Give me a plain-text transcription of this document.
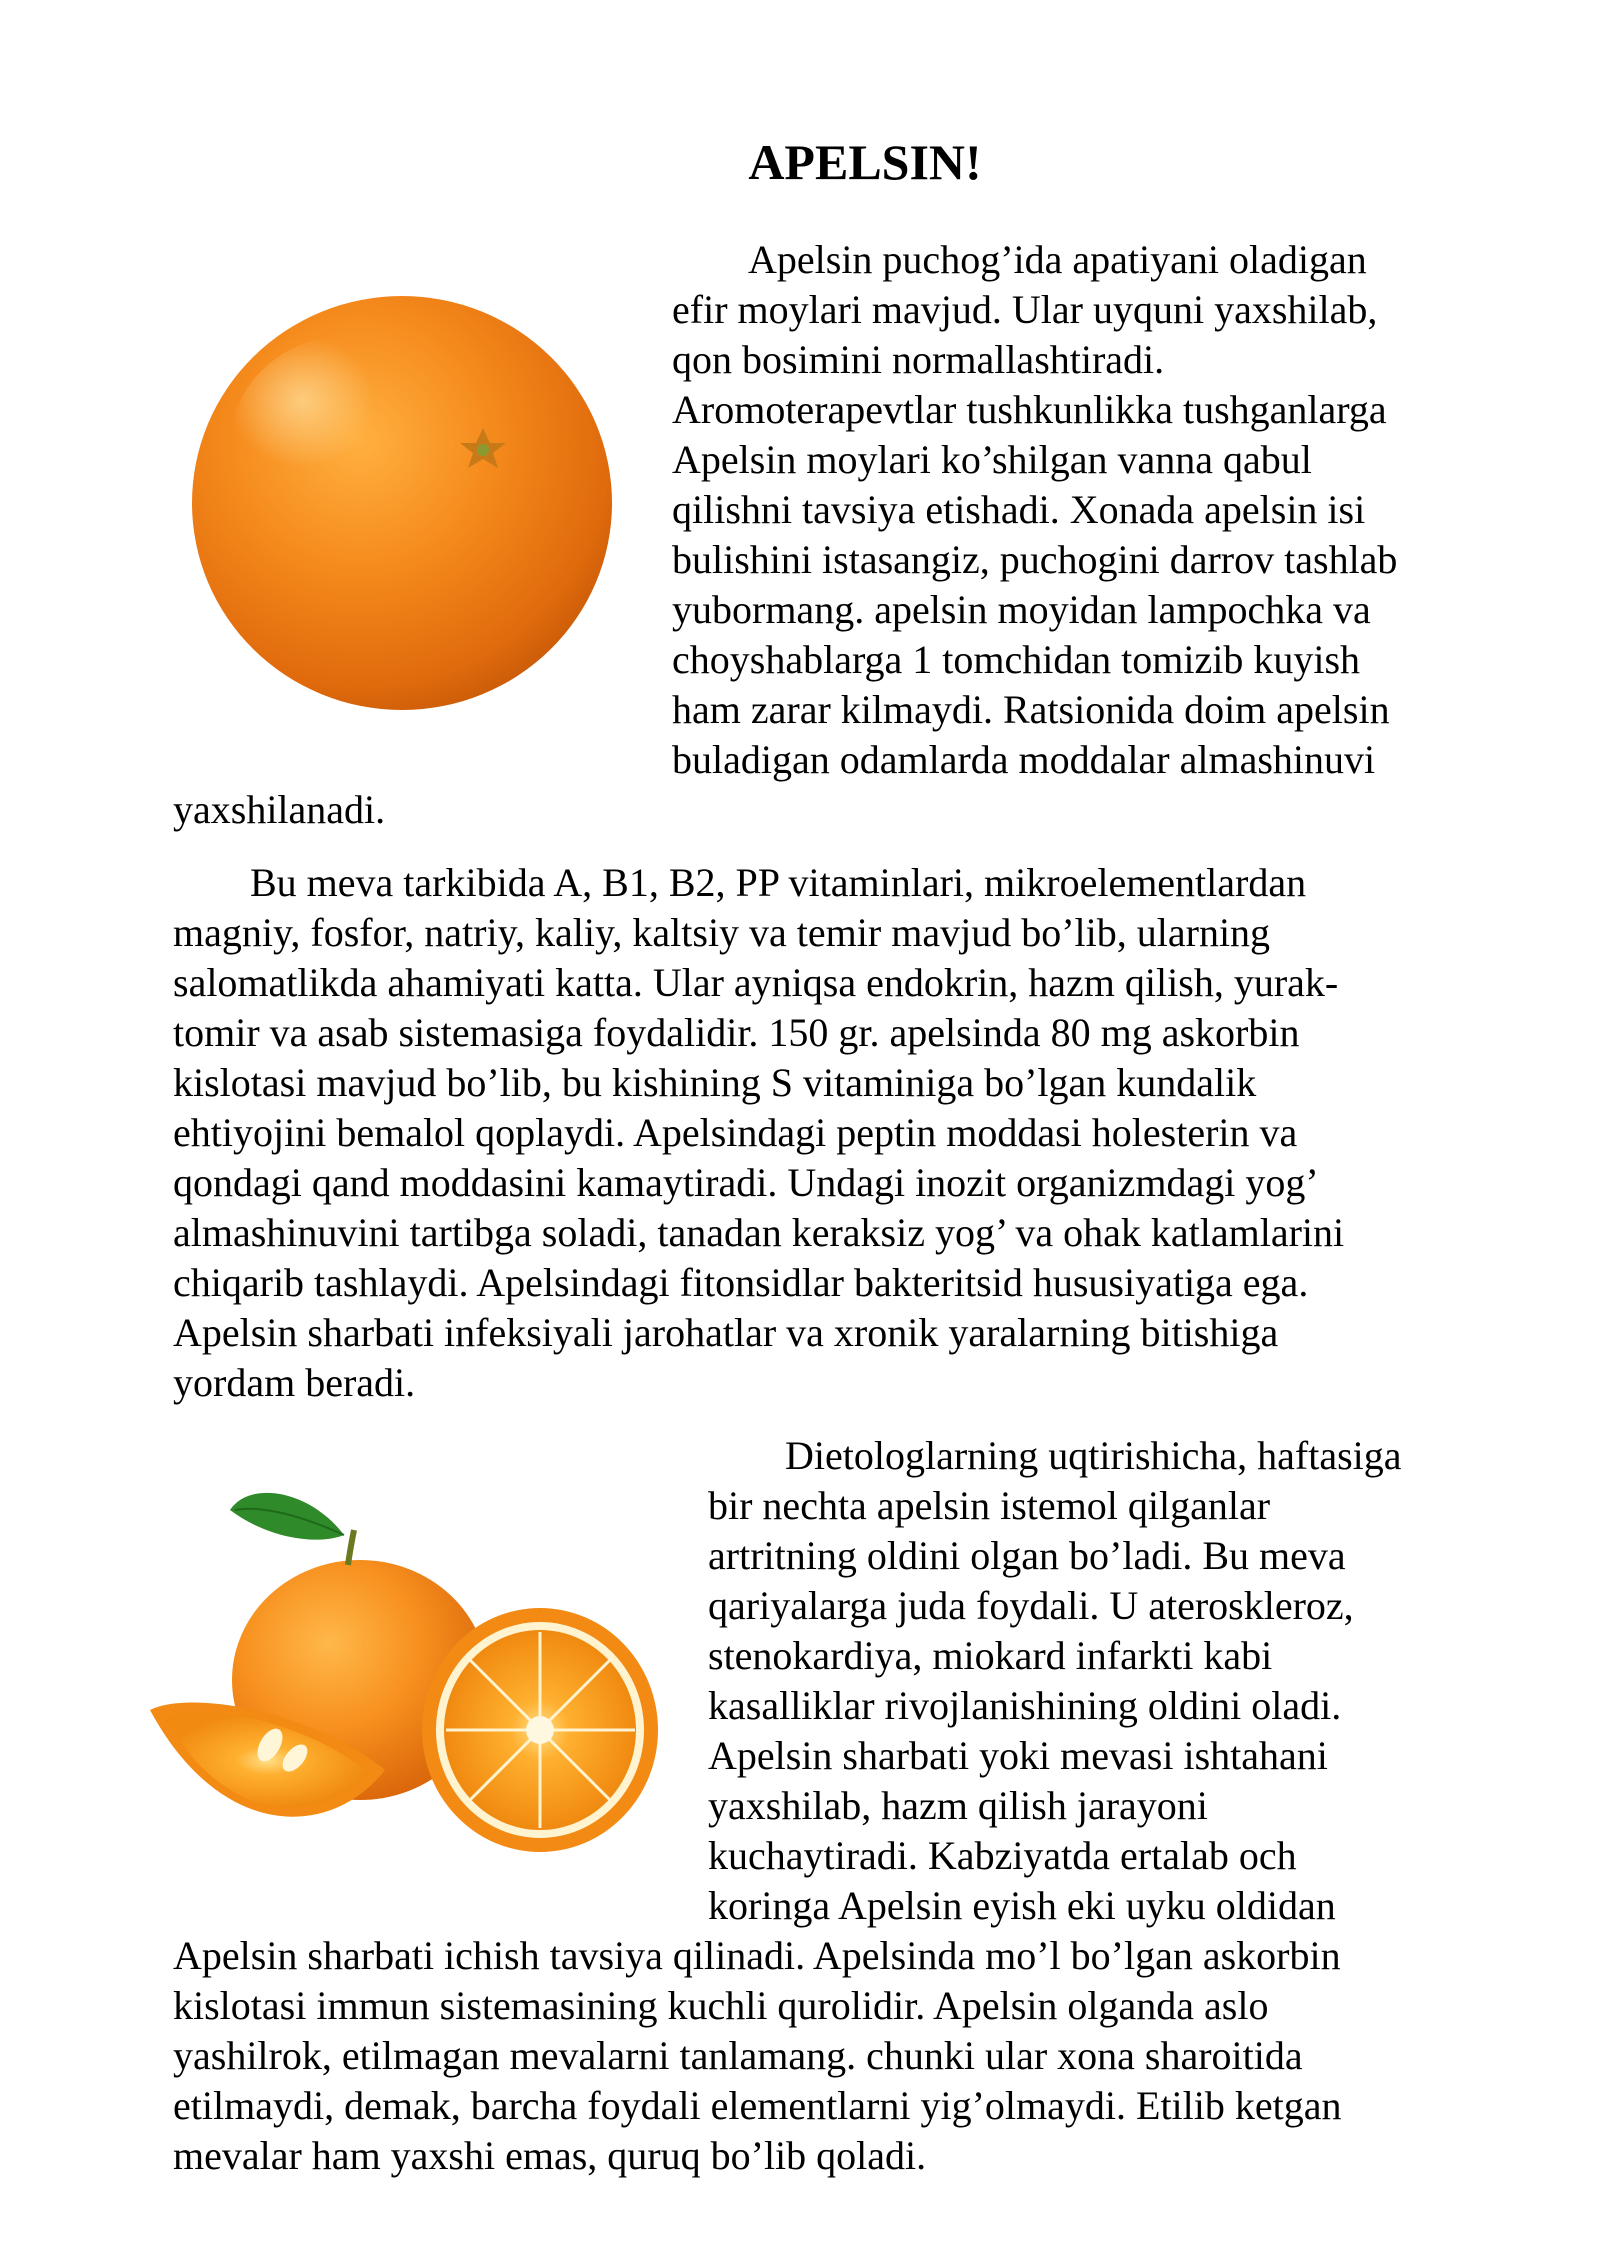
APELSIN!
Apelsin puchog’ida apatiyani oladigan
efir moylari mavjud. Ular uyquni yaxshilab,
qon bosimini normallashtiradi.
Aromoterapevtlar tushkunlikka tushganlarga
Apelsin moylari ko’shilgan vanna qabul
qilishni tavsiya etishadi. Xonada apelsin isi
bulishini istasangiz, puchogini darrov tashlab
yubormang. apelsin moyidan lampochka va
choyshablarga 1 tomchidan tomizib kuyish
ham zarar kilmaydi. Ratsionida doim apelsin
buladigan odamlarda moddalar almashinuvi
yaxshilanadi.
Bu meva tarkibida A, B1, B2, PP vitaminlari, mikroelementlardan
magniy, fosfor, natriy, kaliy, kaltsiy va temir mavjud bo’lib, ularning
salomatlikda ahamiyati katta. Ular ayniqsa endokrin, hazm qilish, yurak-
tomir va asab sistemasiga foydalidir. 150 gr. apelsinda 80 mg askorbin
kislotasi mavjud bo’lib, bu kishining S vitaminiga bo’lgan kundalik
ehtiyojini bemalol qoplaydi. Apelsindagi peptin moddasi holesterin va
qondagi qand moddasini kamaytiradi. Undagi inozit organizmdagi yog’
almashinuvini tartibga soladi, tanadan keraksiz yog’ va ohak katlamlarini
chiqarib tashlaydi. Apelsindagi fitonsidlar bakteritsid hususiyatiga ega.
Apelsin sharbati infeksiyali jarohatlar va xronik yaralarning bitishiga
yordam beradi.
Dietologlarning uqtirishicha, haftasiga
bir nechta apelsin istemol qilganlar
artritning oldini olgan bo’ladi. Bu meva
qariyalarga juda foydali. U ateroskleroz,
stenokardiya, miokard infarkti kabi
kasalliklar rivojlanishining oldini oladi.
Apelsin sharbati yoki mevasi ishtahani
yaxshilab, hazm qilish jarayoni
kuchaytiradi. Kabziyatda ertalab och
koringa Apelsin eyish eki uyku oldidan
Apelsin sharbati ichish tavsiya qilinadi. Apelsinda mo’l bo’lgan askorbin
kislotasi immun sistemasining kuchli qurolidir. Apelsin olganda aslo
yashilrok, etilmagan mevalarni tanlamang. chunki ular xona sharoitida
etilmaydi, demak, barcha foydali elementlarni yig’olmaydi. Etilib ketgan
mevalar ham yaxshi emas, quruq bo’lib qoladi.
